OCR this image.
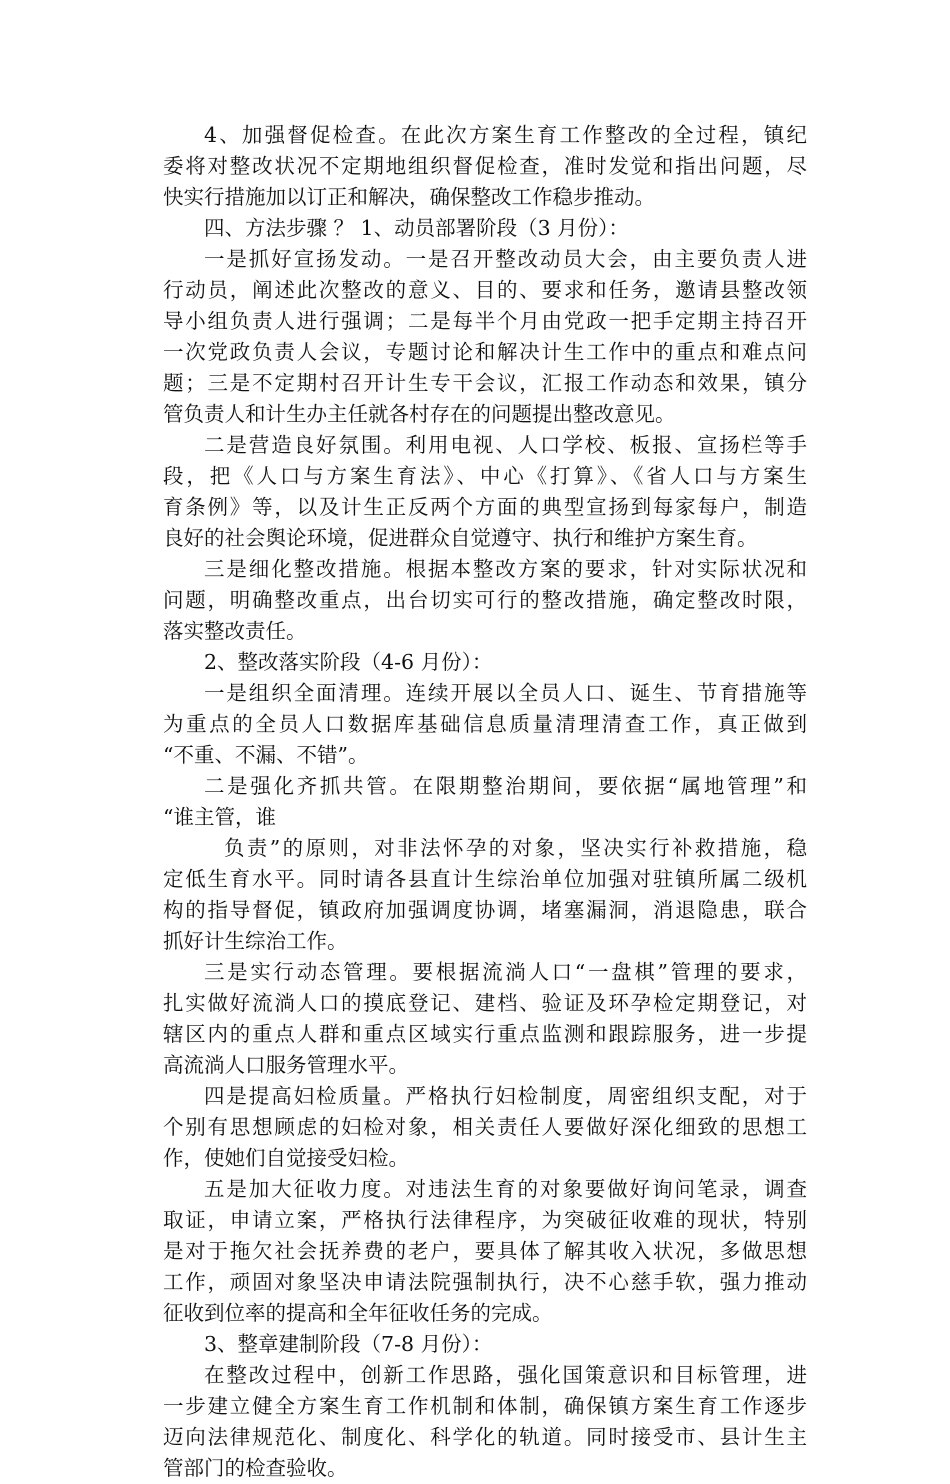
4、加强督促检查。在此次方案生育工作整改的全过程，镇纪
委将对整改状况不定期地组织督促检查，准时发觉和指出问题，尽
快实行措施加以订正和解决，确保整改工作稳步推动。
四、方法步骤 ？ 1、动员部署阶段（3 月份）：
一是抓好宣扬发动。一是召开整改动员大会，由主要负责人进
行动员，阐述此次整改的意义、目的、要求和任务，邀请县整改领
导小组负责人进行强调；二是每半个月由党政一把手定期主持召开
一次党政负责人会议，专题讨论和解决计生工作中的重点和难点问
题；三是不定期村召开计生专干会议，汇报工作动态和效果，镇分
管负责人和计生办主任就各村存在的问题提出整改意见。
二是营造良好氛围。利用电视、人口学校、板报、宣扬栏等手
段，把《人口与方案生育法》、中心《打算》、《省人口与方案生
育条例》等，以及计生正反两个方面的典型宣扬到每家每户，制造
良好的社会舆论环境，促进群众自觉遵守、执行和维护方案生育。
三是细化整改措施。根据本整改方案的要求，针对实际状况和
问题，明确整改重点，出台切实可行的整改措施，确定整改时限，
落实整改责任。
2、整改落实阶段（4-6 月份）：
一是组织全面清理。连续开展以全员人口、诞生、节育措施等
为重点的全员人口数据库基础信息质量清理清查工作，真正做到
“不重、不漏、不错”。
二是强化齐抓共管。在限期整治期间，要依据“属地管理”和
“谁主管，谁
负责”的原则，对非法怀孕的对象，坚决实行补救措施，稳
定低生育水平。同时请各县直计生综治单位加强对驻镇所属二级机
构的指导督促，镇政府加强调度协调，堵塞漏洞，消退隐患，联合
抓好计生综治工作。
三是实行动态管理。要根据流淌人口“一盘棋”管理的要求，
扎实做好流淌人口的摸底登记、建档、验证及环孕检定期登记，对
辖区内的重点人群和重点区域实行重点监测和跟踪服务，进一步提
高流淌人口服务管理水平。
四是提高妇检质量。严格执行妇检制度，周密组织支配，对于
个别有思想顾虑的妇检对象，相关责任人要做好深化细致的思想工
作，使她们自觉接受妇检。
五是加大征收力度。对违法生育的对象要做好询问笔录，调查
取证，申请立案，严格执行法律程序，为突破征收难的现状，特别
是对于拖欠社会抚养费的老户，要具体了解其收入状况，多做思想
工作，顽固对象坚决申请法院强制执行，决不心慈手软，强力推动
征收到位率的提高和全年征收任务的完成。
3、整章建制阶段（7-8 月份）：
在整改过程中，创新工作思路，强化国策意识和目标管理，进
一步建立健全方案生育工作机制和体制，确保镇方案生育工作逐步
迈向法律规范化、制度化、科学化的轨道。同时接受市、县计生主
管部门的检查验收。
